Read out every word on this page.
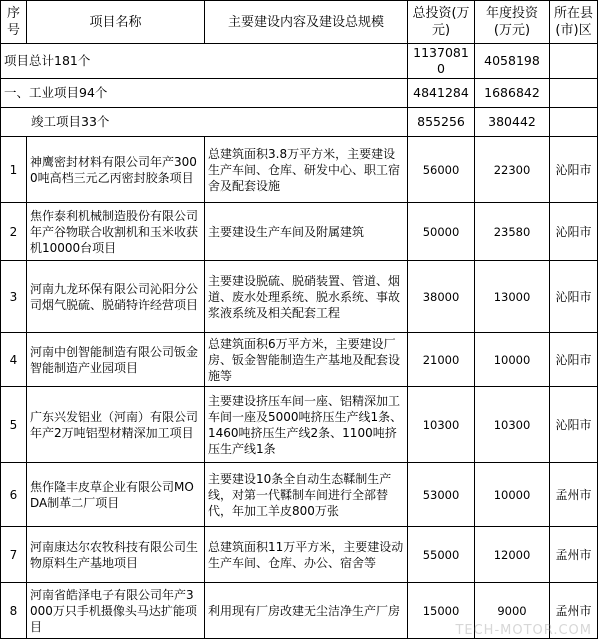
序号	项目名称	主要建设内容及建设总规模	总投资(万元)	年度投资(万元)	所在县(市)区
项目总计181个			11370810	4058198	
一、工业项目94个			4841284	1686842	
竣工项目33个			855256	380442	
1	神鹰密封材料有限公司年产3000吨高档三元乙丙密封胶条项目	总建筑面积3.8万平方米，主要建设生产车间、仓库、研发中心、职工宿舍及配套设施	56000	22300	沁阳市
2	焦作泰利机械制造股份有限公司年产谷物联合收割机和玉米收获机10000台项目	主要建设生产车间及附属建筑	50000	23580	沁阳市
3	河南九龙环保有限公司沁阳分公司烟气脱硫、脱硝特许经营项目	主要建设脱硫、脱硝装置、管道、烟道、废水处理系统、脱水系统、事故浆液系统及相关配套工程	38000	13000	沁阳市
4	河南中创智能制造有限公司钣金智能制造产业园项目	总建筑面积6万平方米，主要建设厂房、钣金智能制造生产基地及配套设施等	21000	10000	沁阳市
5	广东兴发铝业（河南）有限公司年产2万吨铝型材精深加工项目	主要建设挤压车间一座、铝精深加工车间一座及5000吨挤压生产线1条、1460吨挤压生产线2条、1100吨挤压生产线1条	10300	10300	沁阳市
6	焦作隆丰皮草企业有限公司MODA制革二厂项目	主要建设10条全自动生态鞣制生产线，对第一代鞣制车间进行全部替代，年加工羊皮800万张	53000	10000	孟州市
7	河南康达尔农牧科技有限公司生物原料生产基地项目	总建筑面积11万平方米，主要建设动生产车间、仓库、办公、宿舍等	55000	12000	孟州市
8	河南省皓泽电子有限公司年产3000万只手机摄像头马达扩能项目	利用现有厂房改建无尘洁净生产厂房	15000	9000	孟州市
TECH-MOTOR.COM
